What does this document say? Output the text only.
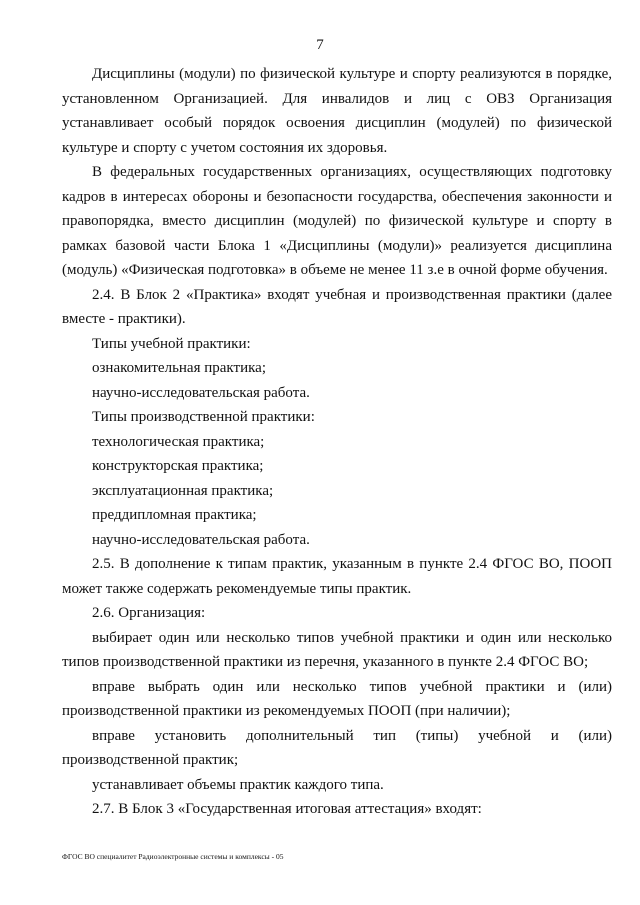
7

Дисциплины (модули) по физической культуре и спорту реализуются в порядке, установленном Организацией. Для инвалидов и лиц с ОВЗ Организация устанавливает особый порядок освоения дисциплин (модулей) по физической культуре и спорту с учетом состояния их здоровья.

В федеральных государственных организациях, осуществляющих подготовку кадров в интересах обороны и безопасности государства, обеспечения законности и правопорядка, вместо дисциплин (модулей) по физической культуре и спорту в рамках базовой части Блока 1 «Дисциплины (модули)» реализуется дисциплина (модуль) «Физическая подготовка» в объеме не менее 11 з.е в очной форме обучения.

2.4. В Блок 2 «Практика» входят учебная и производственная практики (далее вместе - практики).

Типы учебной практики:

ознакомительная практика;

научно-исследовательская работа.

Типы производственной практики:

технологическая практика;

конструкторская практика;

эксплуатационная практика;

преддипломная практика;

научно-исследовательская работа.

2.5. В дополнение к типам практик, указанным в пункте 2.4 ФГОС ВО, ПООП может также содержать рекомендуемые типы практик.

2.6. Организация:

выбирает один или несколько типов учебной практики и один или несколько типов производственной практики из перечня, указанного в пункте 2.4 ФГОС ВО;

вправе выбрать один или несколько типов учебной практики и (или) производственной практики из рекомендуемых ПООП (при наличии);

вправе установить дополнительный тип (типы) учебной и (или) производственной практик;

устанавливает объемы практик каждого типа.

2.7. В Блок 3 «Государственная итоговая аттестация» входят:

ФГОС ВО специалитет Радиоэлектронные системы и комплексы - 05
